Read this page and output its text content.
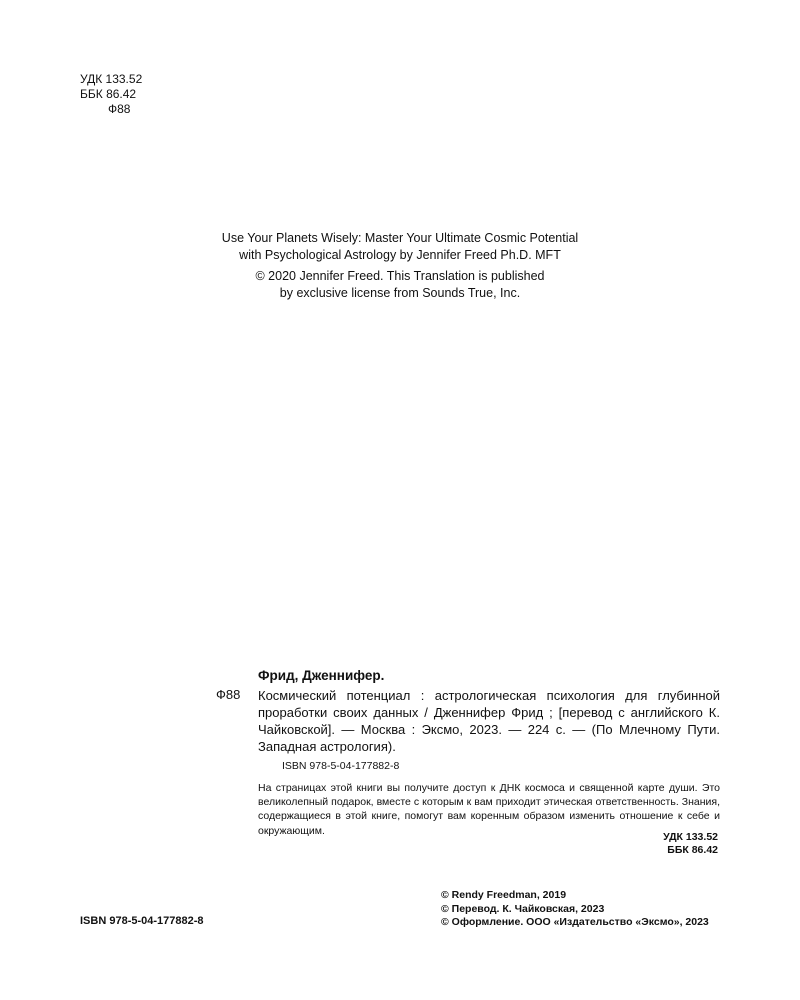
УДК 133.52
ББК 86.42
Ф88
Use Your Planets Wisely: Master Your Ultimate Cosmic Potential
with Psychological Astrology by Jennifer Freed Ph.D. MFT
© 2020 Jennifer Freed. This Translation is published
by exclusive license from Sounds True, Inc.
Фрид, Дженнифер.
Ф88 Космический потенциал : астрологическая психология для глубинной проработки своих данных / Дженнифер Фрид ; [перевод с английского К. Чайковской]. — Москва : Эксмо, 2023. — 224 с. — (По Млечному Пути. Западная астрология).
ISBN 978-5-04-177882-8
На страницах этой книги вы получите доступ к ДНК космоса и священной карте души. Это великолепный подарок, вместе с которым к вам приходит этическая ответственность. Знания, содержащиеся в этой книге, помогут вам коренным образом изменить отношение к себе и окружающим.
УДК 133.52
ББК 86.42
ISBN 978-5-04-177882-8
© Rendy Freedman, 2019
© Перевод. К. Чайковская, 2023
© Оформление. ООО «Издательство «Эксмо», 2023
